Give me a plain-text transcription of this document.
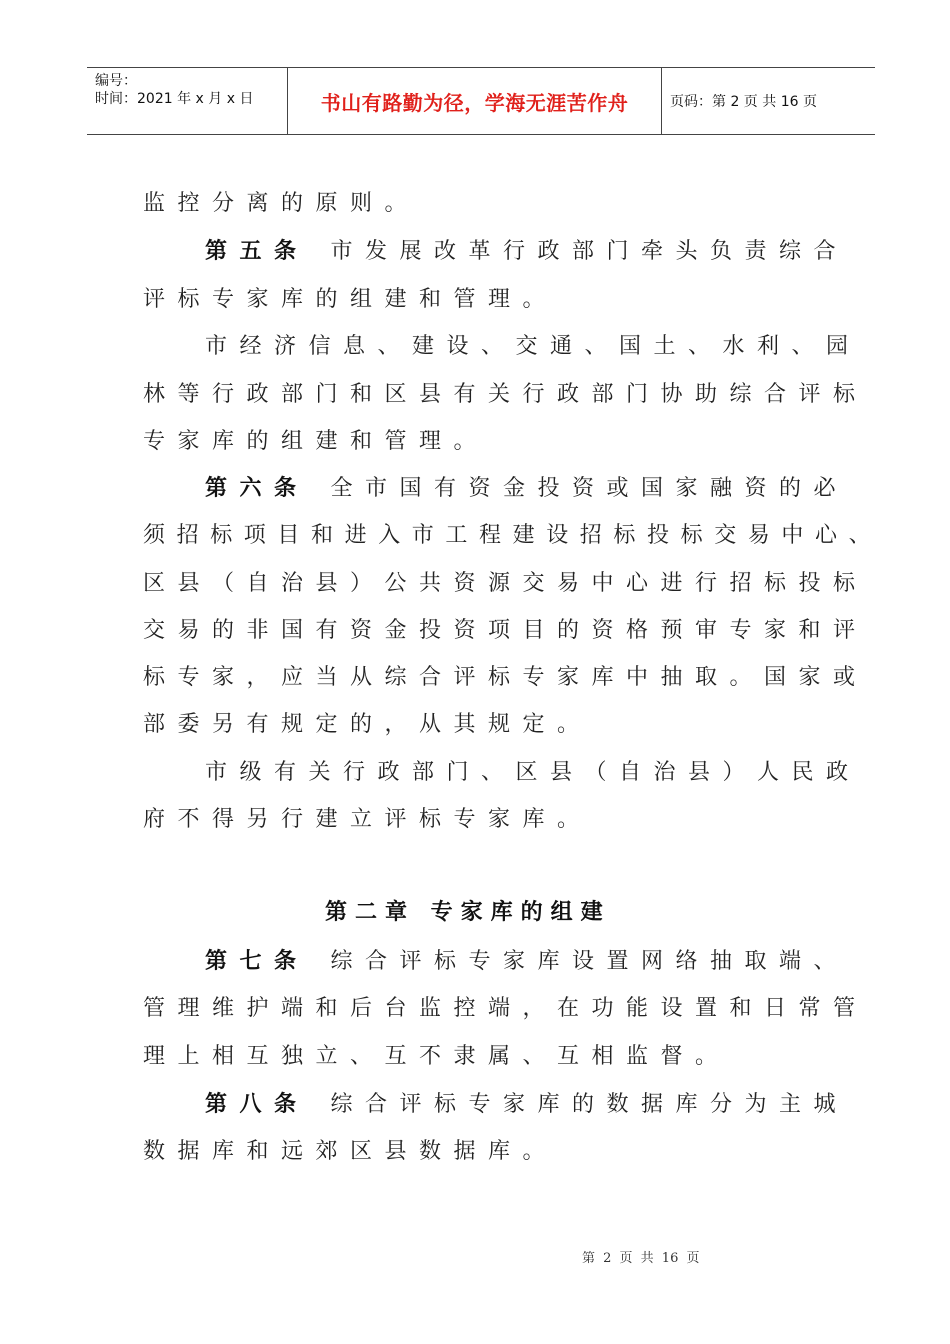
编号：
时间：2021 年 x 月 x 日	书山有路勤为径，学海无涯苦作舟	页码：第 2 页 共 16 页
监控分离的原则。
第五条 市发展改革行政部门牵头负责综合
评标专家库的组建和管理。
市经济信息、建设、交通、国土、水利、园
林等行政部门和区县有关行政部门协助综合评标
专家库的组建和管理。
第六条 全市国有资金投资或国家融资的必
须招标项目和进入市工程建设招标投标交易中心、
区县（自治县）公共资源交易中心进行招标投标
交易的非国有资金投资项目的资格预审专家和评
标专家，应当从综合评标专家库中抽取。国家或
部委另有规定的，从其规定。
市级有关行政部门、区县（自治县）人民政
府不得另行建立评标专家库。
第二章 专家库的组建
第七条 综合评标专家库设置网络抽取端、
管理维护端和后台监控端，在功能设置和日常管
理上相互独立、互不隶属、互相监督。
第八条 综合评标专家库的数据库分为主城
数据库和远郊区县数据库。
第 2 页 共 16 页
